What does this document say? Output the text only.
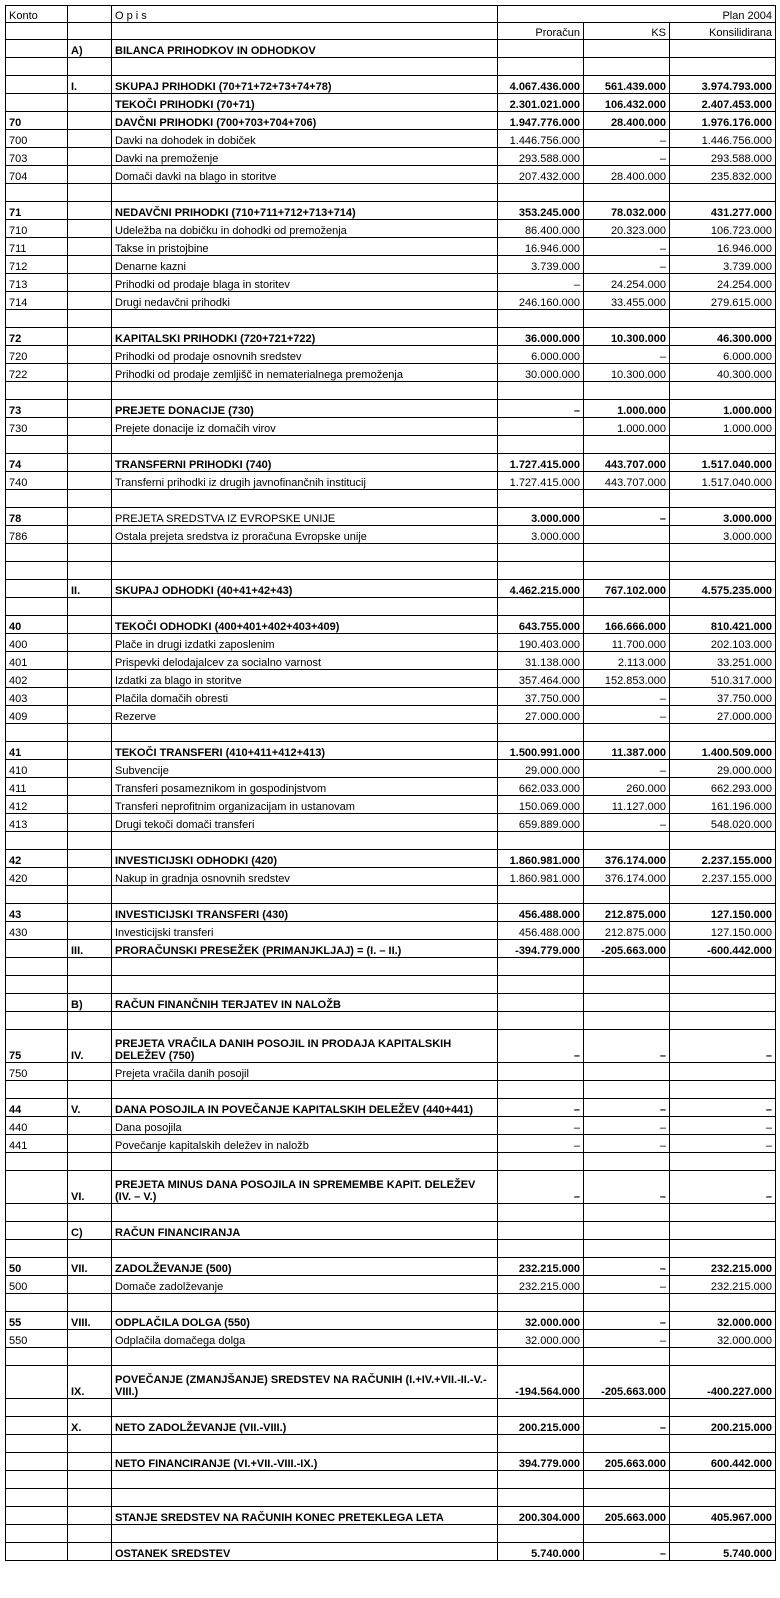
Konto		O p i s	Plan 2004		
			Proračun	KS	Konsilidirana
	A)	BILANCA PRIHODKOV IN ODHODKOV			

	I.	SKUPAJ PRIHODKI (70+71+72+73+74+78)	4.067.436.000	561.439.000	3.974.793.000
		TEKOČI PRIHODKI (70+71)	2.301.021.000	106.432.000	2.407.453.000
70		DAVČNI PRIHODKI (700+703+704+706)	1.947.776.000	28.400.000	1.976.176.000
700		Davki na dohodek in dobiček	1.446.756.000	–	1.446.756.000
703		Davki na premoženje	293.588.000	–	293.588.000
704		Domači davki na blago in storitve	207.432.000	28.400.000	235.832.000

71		NEDAVČNI PRIHODKI (710+711+712+713+714)	353.245.000	78.032.000	431.277.000
710		Udeležba na dobičku in dohodki od premoženja	86.400.000	20.323.000	106.723.000
711		Takse in pristojbine	16.946.000	–	16.946.000
712		Denarne kazni	3.739.000	–	3.739.000
713		Prihodki od prodaje blaga in storitev	–	24.254.000	24.254.000
714		Drugi nedavčni prihodki	246.160.000	33.455.000	279.615.000

72		KAPITALSKI PRIHODKI (720+721+722)	36.000.000	10.300.000	46.300.000
720		Prihodki od prodaje osnovnih sredstev	6.000.000	–	6.000.000
722		Prihodki od prodaje zemljišč in nematerialnega premoženja	30.000.000	10.300.000	40.300.000

73		PREJETE DONACIJE (730)	–	1.000.000	1.000.000
730		Prejete donacije iz domačih virov		1.000.000	1.000.000

74		TRANSFERNI PRIHODKI (740)	1.727.415.000	443.707.000	1.517.040.000
740		Transferni prihodki iz drugih javnofinančnih institucij	1.727.415.000	443.707.000	1.517.040.000

78		PREJETA SREDSTVA IZ EVROPSKE UNIJE	3.000.000	–	3.000.000
786		Ostala prejeta sredstva iz proračuna Evropske unije	3.000.000		3.000.000

	II.	SKUPAJ ODHODKI (40+41+42+43)	4.462.215.000	767.102.000	4.575.235.000

40		TEKOČI ODHODKI (400+401+402+403+409)	643.755.000	166.666.000	810.421.000
400		Plače in drugi izdatki zaposlenim	190.403.000	11.700.000	202.103.000
401		Prispevki delodajalcev za socialno varnost	31.138.000	2.113.000	33.251.000
402		Izdatki za blago in storitve	357.464.000	152.853.000	510.317.000
403		Plačila domačih obresti	37.750.000	–	37.750.000
409		Rezerve	27.000.000	–	27.000.000

41		TEKOČI TRANSFERI (410+411+412+413)	1.500.991.000	11.387.000	1.400.509.000
410		Subvencije	29.000.000	–	29.000.000
411		Transferi posameznikom in gospodinjstvom	662.033.000	260.000	662.293.000
412		Transferi neprofitnim organizacijam in ustanovam	150.069.000	11.127.000	161.196.000
413		Drugi tekoči domači transferi	659.889.000	–	548.020.000

42		INVESTICIJSKI ODHODKI (420)	1.860.981.000	376.174.000	2.237.155.000
420		Nakup in gradnja osnovnih sredstev	1.860.981.000	376.174.000	2.237.155.000

43		INVESTICIJSKI TRANSFERI (430)	456.488.000	212.875.000	127.150.000
430		Investicijski transferi	456.488.000	212.875.000	127.150.000
	III.	PRORAČUNSKI PRESEŽEK (PRIMANJKLJAJ) = (I. – II.)	-394.779.000	-205.663.000	-600.442.000

	B)	RAČUN FINANČNIH TERJATEV IN NALOŽB			

75	IV.	PREJETA VRAČILA DANIH POSOJIL IN PRODAJA KAPITALSKIH DELEŽEV (750)	–	–	–
750		Prejeta vračila danih posojil			

44	V.	DANA POSOJILA IN POVEČANJE KAPITALSKIH DELEŽEV (440+441)	–	–	–
440		Dana posojila	–	–	–
441		Povečanje kapitalskih deležev in naložb	–	–	–

	VI.	PREJETA MINUS DANA POSOJILA IN SPREMEMBE KAPIT. DELEŽEV (IV. – V.)	–	–	–

	C)	RAČUN FINANCIRANJA			

50	VII.	ZADOLŽEVANJE (500)	232.215.000	–	232.215.000
500		Domače zadolževanje	232.215.000	–	232.215.000

55	VIII.	ODPLAČILA DOLGA (550)	32.000.000	–	32.000.000
550		Odplačila domačega dolga	32.000.000	–	32.000.000

	IX.	POVEČANJE (ZMANJŠANJE) SREDSTEV NA RAČUNIH (I.+IV.+VII.-II.-V.-VIII.)	-194.564.000	-205.663.000	-400.227.000

	X.	NETO ZADOLŽEVANJE (VII.-VIII.)	200.215.000	–	200.215.000

		NETO FINANCIRANJE (VI.+VII.-VIII.-IX.)	394.779.000	205.663.000	600.442.000

		STANJE SREDSTEV NA RAČUNIH KONEC PRETEKLEGA LETA	200.304.000	205.663.000	405.967.000

		OSTANEK SREDSTEV	5.740.000	–	5.740.000
